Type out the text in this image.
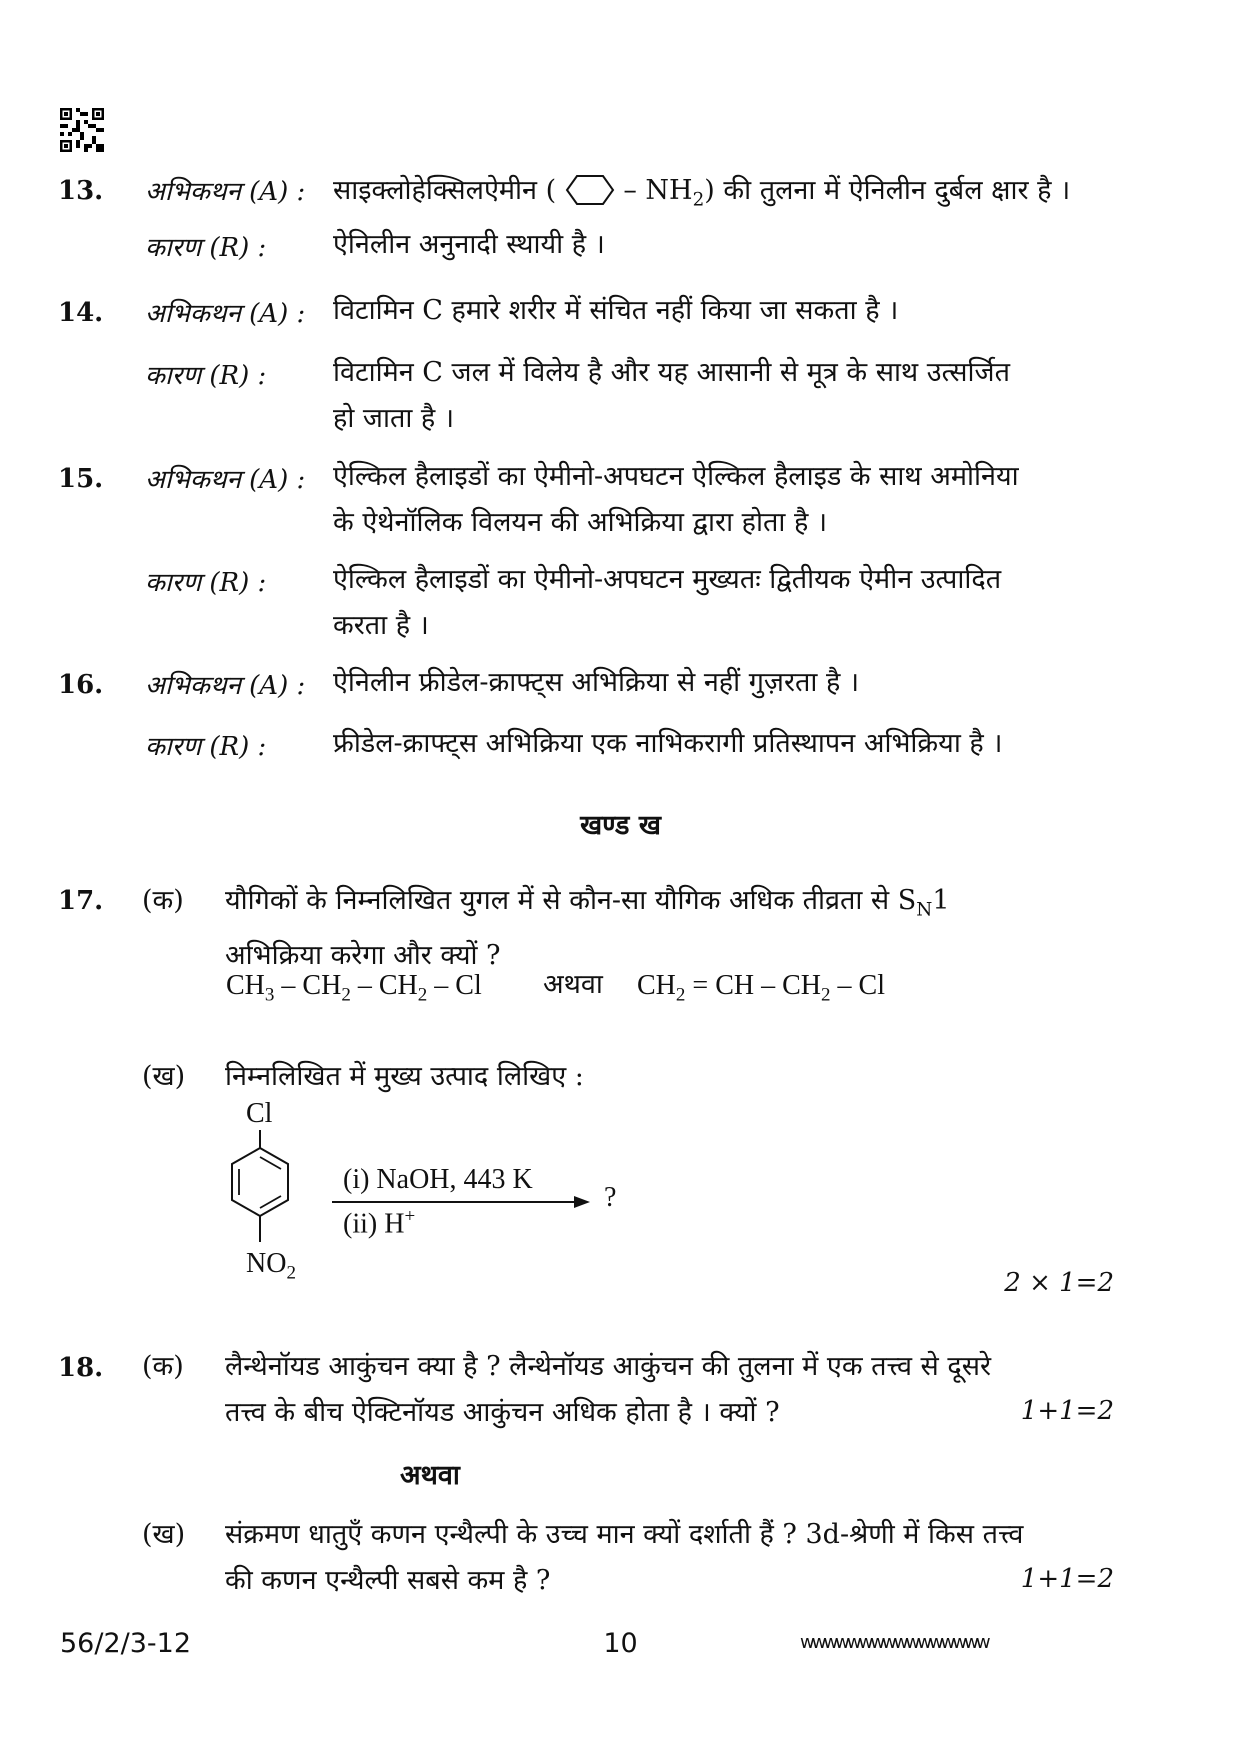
13. अभिकथन (A) : साइक्लोहेक्सिलऐमीन ( – $NH_2$) की तुलना में ऐनिलीन दुर्बल क्षार है ।
कारण (R) : ऐनिलीन अनुनादी स्थायी है ।
14. अभिकथन (A) : विटामिन C हमारे शरीर में संचित नहीं किया जा सकता है ।
कारण (R) : विटामिन C जल में विलेय है और यह आसानी से मूत्र के साथ उत्सर्जित
हो जाता है ।
15. अभिकथन (A) : ऐल्किल हैलाइडों का ऐमीनो-अपघटन ऐल्किल हैलाइड के साथ अमोनिया
के ऐथेनॉलिक विलयन की अभिक्रिया द्वारा होता है ।
कारण (R) : ऐल्किल हैलाइडों का ऐमीनो-अपघटन मुख्यतः द्वितीयक ऐमीन उत्पादित
करता है ।
16. अभिकथन (A) : ऐनिलीन फ्रीडेल-क्राफ्ट्स अभिक्रिया से नहीं गुज़रता है ।
कारण (R) : फ्रीडेल-क्राफ्ट्स अभिक्रिया एक नाभिकरागी प्रतिस्थापन अभिक्रिया है ।
खण्ड ख
17. (क) यौगिकों के निम्नलिखित युगल में से कौन-सा यौगिक अधिक तीव्रता से $S_N1$
अभिक्रिया करेगा और क्यों ?
$CH_3 - CH_2 - CH_2$ – Cl अथवा $CH_2$ = CH – $CH_2$ – Cl
(ख) निम्नलिखित में मुख्य उत्पाद लिखिए :
Cl
$NO_2$
(i) NaOH, 443 K
(ii) H+
?
2 × 1=2
18. (क) लैन्थेनॉयड आकुंचन क्या है ? लैन्थेनॉयड आकुंचन की तुलना में एक तत्त्व से दूसरे
तत्त्व के बीच ऐक्टिनॉयड आकुंचन अधिक होता है । क्यों ?	1+1=2
अथवा
(ख) संक्रमण धातुएँ कणन एन्थैल्पी के उच्च मान क्यों दर्शाती हैं ? 3d-श्रेणी में किस तत्त्व
की कणन एन्थैल्पी सबसे कम है ?	1+1=2
56/2/3-12	10	wwwwwwwwwwwwwwww
